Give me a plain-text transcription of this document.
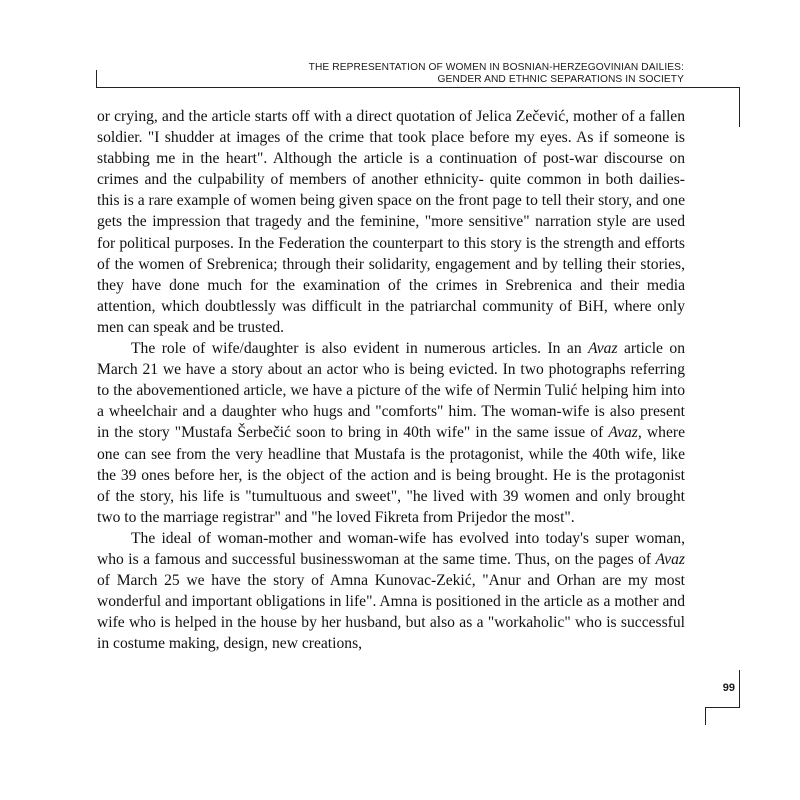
THE REPRESENTATION OF WOMEN IN BOSNIAN-HERZEGOVINIAN DAILIES:
GENDER AND ETHNIC SEPARATIONS IN SOCIETY

or crying, and the article starts off with a direct quotation of Jelica Zečević, mother of a fallen soldier. "I shudder at images of the crime that took place before my eyes. As if someone is stabbing me in the heart". Although the article is a continuation of post-war discourse on crimes and the culpability of members of another ethnicity- quite common in both dailies- this is a rare example of women being given space on the front page to tell their story, and one gets the impression that tragedy and the feminine, "more sensitive" narration style are used for political purposes. In the Federation the counterpart to this story is the strength and efforts of the women of Srebrenica; through their solidarity, engagement and by telling their stories, they have done much for the examination of the crimes in Srebrenica and their media attention, which doubtlessly was difficult in the patriarchal community of BiH, where only men can speak and be trusted.

The role of wife/daughter is also evident in numerous articles. In an Avaz article on March 21 we have a story about an actor who is being evicted. In two photographs referring to the abovementioned article, we have a picture of the wife of Nermin Tulić helping him into a wheelchair and a daughter who hugs and "comforts" him. The woman-wife is also present in the story "Mustafa Šerbečić soon to bring in 40th wife" in the same issue of Avaz, where one can see from the very headline that Mustafa is the protagonist, while the 40th wife, like the 39 ones before her, is the object of the action and is being brought. He is the protagonist of the story, his life is "tumultuous and sweet", "he lived with 39 women and only brought two to the marriage registrar" and "he loved Fikreta from Prijedor the most".

The ideal of woman-mother and woman-wife has evolved into today's super woman, who is a famous and successful businesswoman at the same time. Thus, on the pages of Avaz of March 25 we have the story of Amna Kunovac-Zekić, "Anur and Orhan are my most wonderful and important obligations in life". Amna is positioned in the article as a mother and wife who is helped in the house by her husband, but also as a "workaholic" who is successful in costume making, design, new creations,

99
